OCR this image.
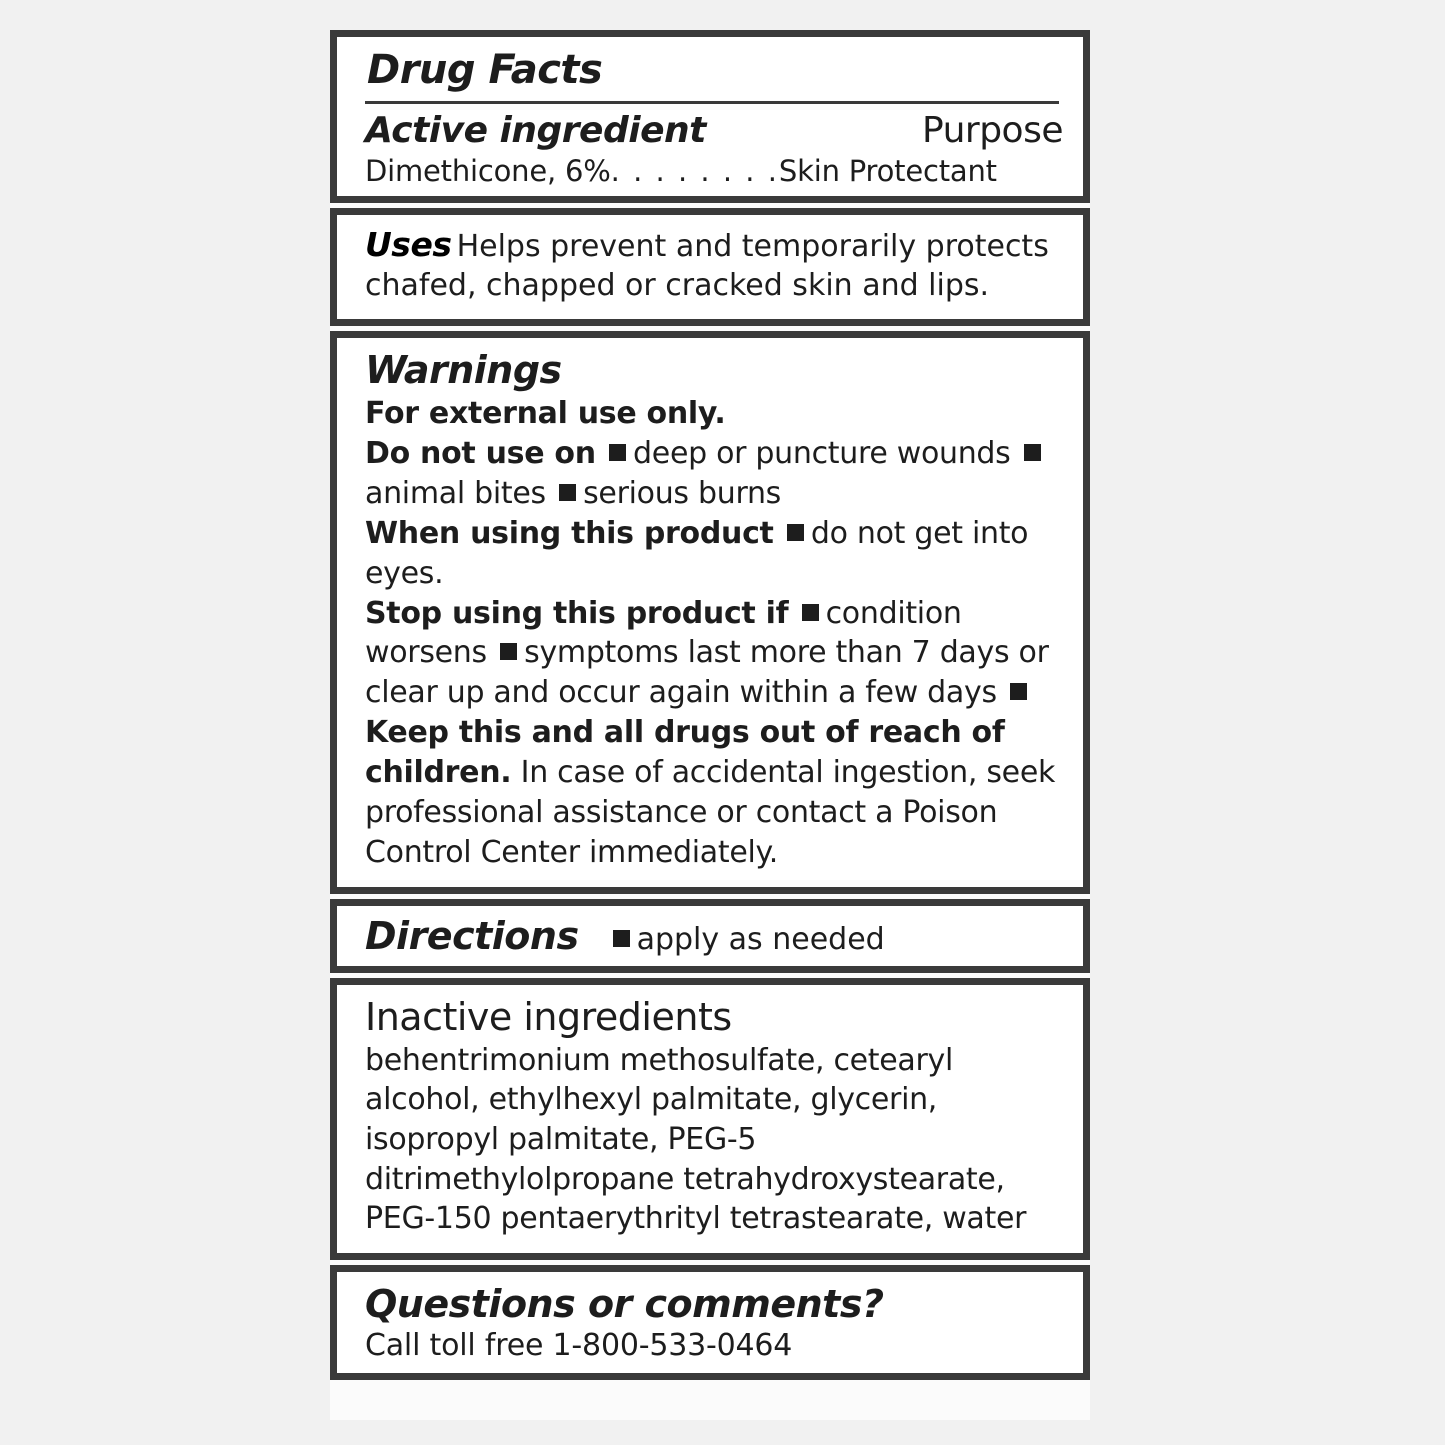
Drug Facts
Active ingredient	Purpose
Dimethicone, 6%. . . . . . . .Skin Protectant
Uses Helps prevent and temporarily protects chafed, chapped or cracked skin and lips.
Warnings
For external use only.
Do not use on deep or puncture wounds animal bites serious burns
When using this product do not get into eyes.
Stop using this product if condition worsens symptoms last more than 7 days or clear up and occur again within a few days Keep this and all drugs out of reach of children. In case of accidental ingestion, seek professional assistance or contact a Poison Control Center immediately.
Directions	apply as needed
Inactive ingredients
behentrimonium methosulfate, cetearyl alcohol, ethylhexyl palmitate, glycerin, isopropyl palmitate, PEG-5 ditrimethylolpropane tetrahydroxystearate, PEG-150 pentaerythrityl tetrastearate, water
Questions or comments?
Call toll free 1-800-533-0464
